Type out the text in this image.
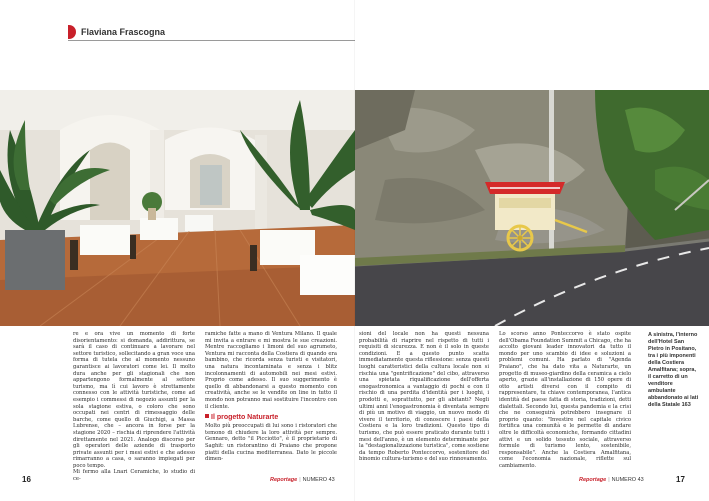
Flaviana Frascogna

re e ora vive un momento di forte disorientamento: si domanda, addirittura, se sarà il caso di continuare a lavorare nel settore turistico, sollecitando a gran voce una forma di tutela che al momento nessuno garantisce ai lavoratori come lei. Il molto dura anche per gli stagionali che non appartengono formalmente al settore turismo, ma lì cui lavoro è strettamente connesso con le attività turistiche, come ad esempio i commessi di negozio assunti per la sola stagione estiva, o coloro che sono occupati nei centri di rimessaggio delle barche, come quello di Giuchigi, a Massa Lubrense, che – ancora in forse per la stagione 2020 – rischia di riprendere l'attività direttamente nel 2021. Analogo discorso per gli operatori delle aziende di trasporto private assunti per i mesi estivi e che adesso rimarranno a casa, o saranno impiegati per poco tempo.

Mi fermo alla Lnari Ceramiche, lo studio di ce-

ramiche fatte a mano di Ventura Milano. Il quale mi invita a entrare e mi mostra le sue creazioni. Mentre raccogliamo i limoni del suo agrumeto, Ventura mi racconta della Costiera di quando era bambino, che ricorda senza turisti e visitatori, una natura incontaminata e senza i blitz incolonnamenti di automobili nei mesi estivi. Proprio come adesso. Il suo suggerimento è quello di abbandonarsi a questo momento con creatività, anche se le vendite on line in tutto il mondo non potranno mai sostituire l'incontro con il cliente.

Il progetto Naturarte

Molto più preoccupati di lui sono i ristoratori che temono di chiudere la loro attività per sempre. Gennaro, detto "il Picciotto", è il proprietario di Saghit: un ristorantino di Praiano che propone piatti della cucina mediterranea. Dato le piccole dimen-

sioni del locale non ha questi nessuna probabilità di riaprire nel rispetto di tutti i requisiti di sicurezza. E non è il solo in queste condizioni. E a questo punto scatta immediatamente questa riflessione: senza questi luoghi caratteristici della cultura locale non si rischia una "gentrificazione" del cibo, attraverso una spietata riqualificazione dell'offerta enogastronomica a vantaggio di pochi e con il rischio di una perdita d'identità per i luoghi, i prodotti e, soprattutto, per gli abitanti? Negli ultimi anni l'enogastronomia è diventata sempre di più un motivo di viaggio, un nuovo modo di vivere il territorio, di conoscere i paesi della Costiera e la loro tradizioni. Questo tipo di turismo, che può essere praticato durante tutti i mesi dell'anno, è un elemento determinante per la "destagionalizzazione turistica", come sostiene da tempo Roberto Ponteccorvo, sostenitore del binomio cultura-turismo e del suo rinnovamento.

Lo scorso anno Ponteccorvo è stato ospite dell'Obama Foundation Summit a Chicago, che ha accolto giovani leader innovatori da tutto il mondo per uno scambio di idee e soluzioni a problemi comuni. Ha parlato di "Agenda Praiano", che ha dato vita a Naturarte, un progetto di museo-giardino della ceramica a cielo aperto, grazie all'installazione di 150 opere di otto artisti diversi con il compito di rappresentare, tu chiave contemporanea, l'antica identità del paese fatta di storia, tradizioni, detti dialettali. Secondo lui, questa pandemia e la crisi che ne conseguirà potrebbero insegnare il proprio quanto: "Investire nel capitale civico fortifica una comunità e le permette di andare oltre le difficoltà economiche, formando cittadini attivi e un solido tessuto sociale, attraverso formule di turismo lento, sostenibile, responsabile". Anche la Costiera Amalfitana, come l'economia nazionale, riflette sul cambiamento.

A sinistra, l'interno dell'Hotel San Pietro in Positano, tra i più imponenti della Costiera Amalfitana; sopra, il carretto di un venditore ambulante abbandonato ai lati della Statale 163
16	Reportage | NUMERO 43	Reportage | NUMERO 43	17
